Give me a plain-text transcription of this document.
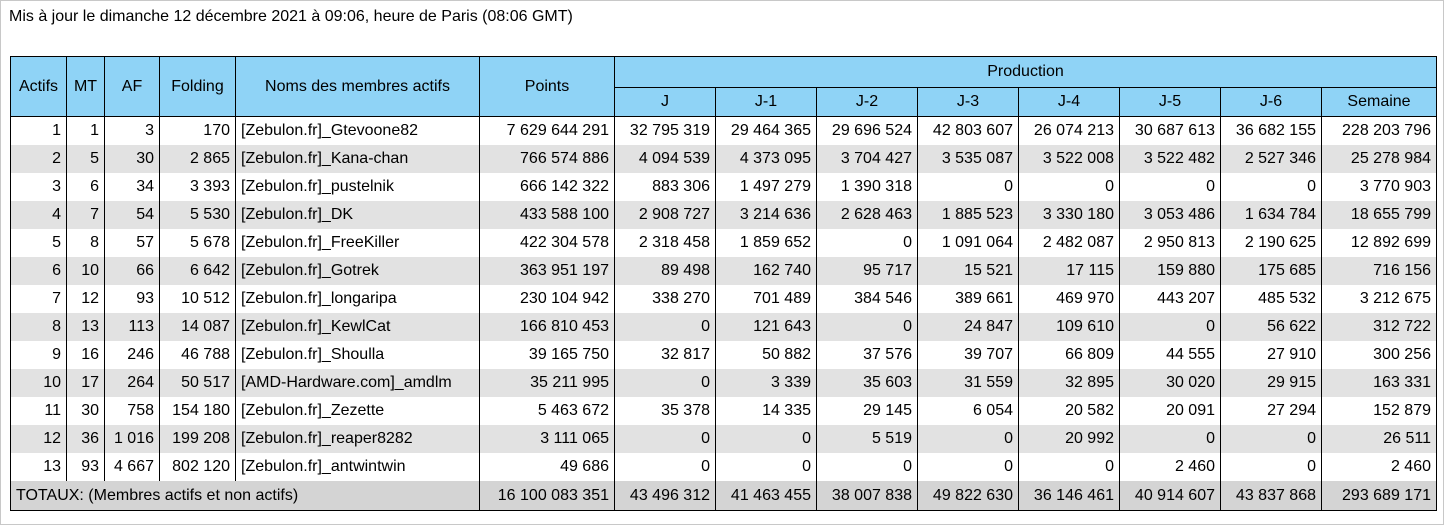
Mis à jour le dimanche 12 décembre 2021 à 09:06, heure de Paris (08:06 GMT)
Actifs	MT	AF	Folding	Noms des membres actifs	Points	Production							
						J	J-1	J-2	J-3	J-4	J-5	J-6	Semaine
1	1	3	170	[Zebulon.fr]_Gtevoone82	7 629 644 291	32 795 319	29 464 365	29 696 524	42 803 607	26 074 213	30 687 613	36 682 155	228 203 796
2	5	30	2 865	[Zebulon.fr]_Kana-chan	766 574 886	4 094 539	4 373 095	3 704 427	3 535 087	3 522 008	3 522 482	2 527 346	25 278 984
3	6	34	3 393	[Zebulon.fr]_pustelnik	666 142 322	883 306	1 497 279	1 390 318	0	0	0	0	3 770 903
4	7	54	5 530	[Zebulon.fr]_DK	433 588 100	2 908 727	3 214 636	2 628 463	1 885 523	3 330 180	3 053 486	1 634 784	18 655 799
5	8	57	5 678	[Zebulon.fr]_FreeKiller	422 304 578	2 318 458	1 859 652	0	1 091 064	2 482 087	2 950 813	2 190 625	12 892 699
6	10	66	6 642	[Zebulon.fr]_Gotrek	363 951 197	89 498	162 740	95 717	15 521	17 115	159 880	175 685	716 156
7	12	93	10 512	[Zebulon.fr]_longaripa	230 104 942	338 270	701 489	384 546	389 661	469 970	443 207	485 532	3 212 675
8	13	113	14 087	[Zebulon.fr]_KewlCat	166 810 453	0	121 643	0	24 847	109 610	0	56 622	312 722
9	16	246	46 788	[Zebulon.fr]_Shoulla	39 165 750	32 817	50 882	37 576	39 707	66 809	44 555	27 910	300 256
10	17	264	50 517	[AMD-Hardware.com]_amdlm	35 211 995	0	3 339	35 603	31 559	32 895	30 020	29 915	163 331
11	30	758	154 180	[Zebulon.fr]_Zezette	5 463 672	35 378	14 335	29 145	6 054	20 582	20 091	27 294	152 879
12	36	1 016	199 208	[Zebulon.fr]_reaper8282	3 111 065	0	0	5 519	0	20 992	0	0	26 511
13	93	4 667	802 120	[Zebulon.fr]_antwintwin	49 686	0	0	0	0	0	2 460	0	2 460
TOTAUX: (Membres actifs et non actifs)					16 100 083 351	43 496 312	41 463 455	38 007 838	49 822 630	36 146 461	40 914 607	43 837 868	293 689 171
